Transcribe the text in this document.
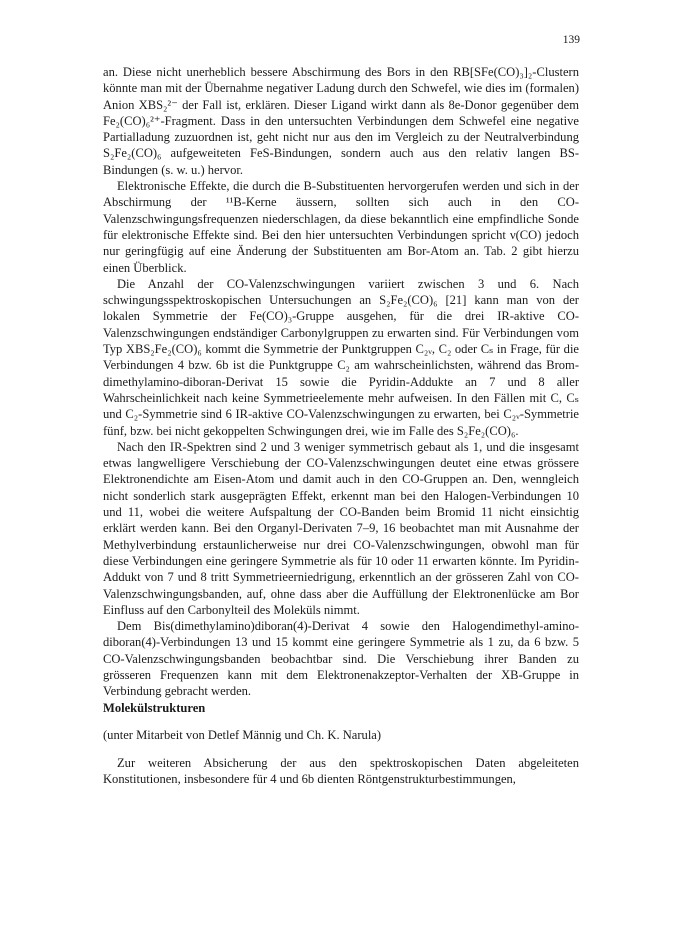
139

an. Diese nicht unerheblich bessere Abschirmung des Bors in den RB[SFe(CO)₃]₂-Clustern könnte man mit der Übernahme negativer Ladung durch den Schwefel, wie dies im (formalen) Anion XBS₂²⁻ der Fall ist, erklären. Dieser Ligand wirkt dann als 8e-Donor gegenüber dem Fe₂(CO)₆²⁺-Fragment. Dass in den untersuchten Verbindungen dem Schwefel eine negative Partialladung zuzuordnen ist, geht nicht nur aus den im Vergleich zu der Neutralverbindung S₂Fe₂(CO)₆ aufgeweiteten FeS-Bindungen, sondern auch aus den relativ langen BS-Bindungen (s. w. u.) hervor.

Elektronische Effekte, die durch die B-Substituenten hervorgerufen werden und sich in der Abschirmung der ¹¹B-Kerne äussern, sollten sich auch in den CO-Valenzschwingungsfrequenzen niederschlagen, da diese bekanntlich eine empfindliche Sonde für elektronische Effekte sind. Bei den hier untersuchten Verbindungen spricht ν(CO) jedoch nur geringfügig auf eine Änderung der Substituenten am Bor-Atom an. Tab. 2 gibt hierzu einen Überblick.

Die Anzahl der CO-Valenzschwingungen variiert zwischen 3 und 6. Nach schwingungsspektroskopischen Untersuchungen an S₂Fe₂(CO)₆ [21] kann man von der lokalen Symmetrie der Fe(CO)₃-Gruppe ausgehen, für die drei IR-aktive CO-Valenzschwingungen endständiger Carbonylgruppen zu erwarten sind. Für Verbindungen vom Typ XBS₂Fe₂(CO)₆ kommt die Symmetrie der Punktgruppen C₂ᵥ, C₂ oder Cₛ in Frage, für die Verbindungen 4 bzw. 6b ist die Punktgruppe C₂ am wahrscheinlichsten, während das Brom-dimethylamino-diboran-Derivat 15 sowie die Pyridin-Addukte an 7 und 8 aller Wahrscheinlichkeit nach keine Symmetrieelemente mehr aufweisen. In den Fällen mit C, Cₛ und C₂-Symmetrie sind 6 IR-aktive CO-Valenzschwingungen zu erwarten, bei C₂ᵥ-Symmetrie fünf, bzw. bei nicht gekoppelten Schwingungen drei, wie im Falle des S₂Fe₂(CO)₆.

Nach den IR-Spektren sind 2 und 3 weniger symmetrisch gebaut als 1, und die insgesamt etwas langwelligere Verschiebung der CO-Valenzschwingungen deutet eine etwas grössere Elektronendichte am Eisen-Atom und damit auch in den CO-Gruppen an. Den, wenngleich nicht sonderlich stark ausgeprägten Effekt, erkennt man bei den Halogen-Verbindungen 10 und 11, wobei die weitere Aufspaltung der CO-Banden beim Bromid 11 nicht einsichtig erklärt werden kann. Bei den Organyl-Derivaten 7–9, 16 beobachtet man mit Ausnahme der Methylverbindung erstaunlicherweise nur drei CO-Valenzschwingungen, obwohl man für diese Verbindungen eine geringere Symmetrie als für 10 oder 11 erwarten könnte. Im Pyridin-Addukt von 7 und 8 tritt Symmetrieerniedrigung, erkenntlich an der grösseren Zahl von CO-Valenzschwingungsbanden, auf, ohne dass aber die Auffüllung der Elektronenlücke am Bor Einfluss auf den Carbonylteil des Moleküls nimmt.

Dem Bis(dimethylamino)diboran(4)-Derivat 4 sowie den Halogendimethyl-amino-diboran(4)-Verbindungen 13 und 15 kommt eine geringere Symmetrie als 1 zu, da 6 bzw. 5 CO-Valenzschwingungsbanden beobachtbar sind. Die Verschiebung ihrer Banden zu grösseren Frequenzen kann mit dem Elektronenakzeptor-Verhalten der XB-Gruppe in Verbindung gebracht werden.

Molekülstrukturen

(unter Mitarbeit von Detlef Männig und Ch. K. Narula)

Zur weiteren Absicherung der aus den spektroskopischen Daten abgeleiteten Konstitutionen, insbesondere für 4 und 6b dienten Röntgenstrukturbestimmungen,
